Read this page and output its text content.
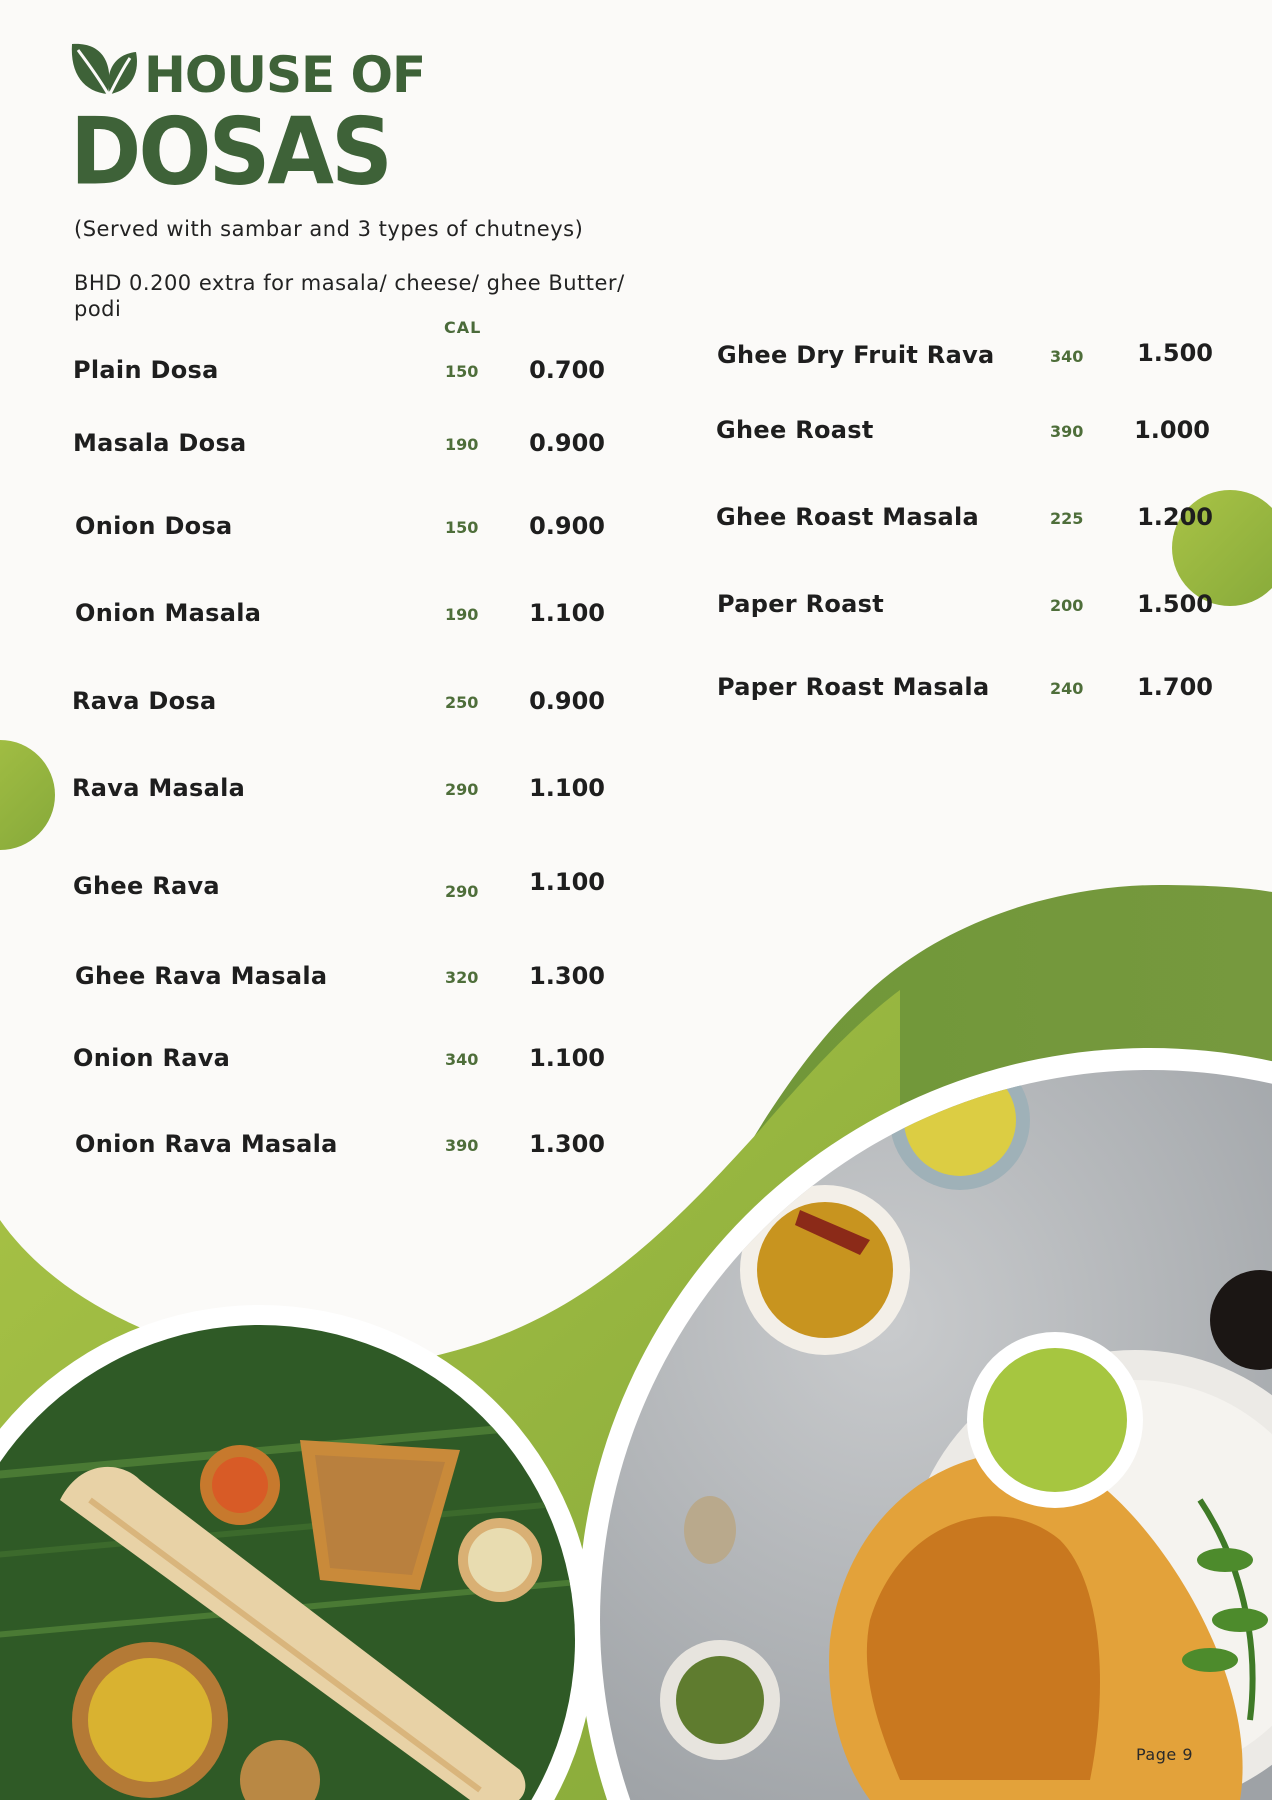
HOUSE OF
DOSAS
(Served with sambar and 3 types of chutneys)
BHD 0.200 extra for masala/ cheese/ ghee Butter/ podi
CAL
Plain Dosa	150	0.700
Masala Dosa	190	0.900
Onion Dosa	150	0.900
Onion Masala	190	1.100
Rava Dosa	250	0.900
Rava Masala	290	1.100
Ghee Rava	290	1.100
Ghee Rava Masala	320	1.300
Onion Rava	340	1.100
Onion Rava Masala	390	1.300
Ghee Dry Fruit Rava	340	1.500
Ghee Roast	390	1.000
Ghee Roast Masala	225	1.200
Paper Roast	200	1.500
Paper Roast Masala	240	1.700
Page 9
